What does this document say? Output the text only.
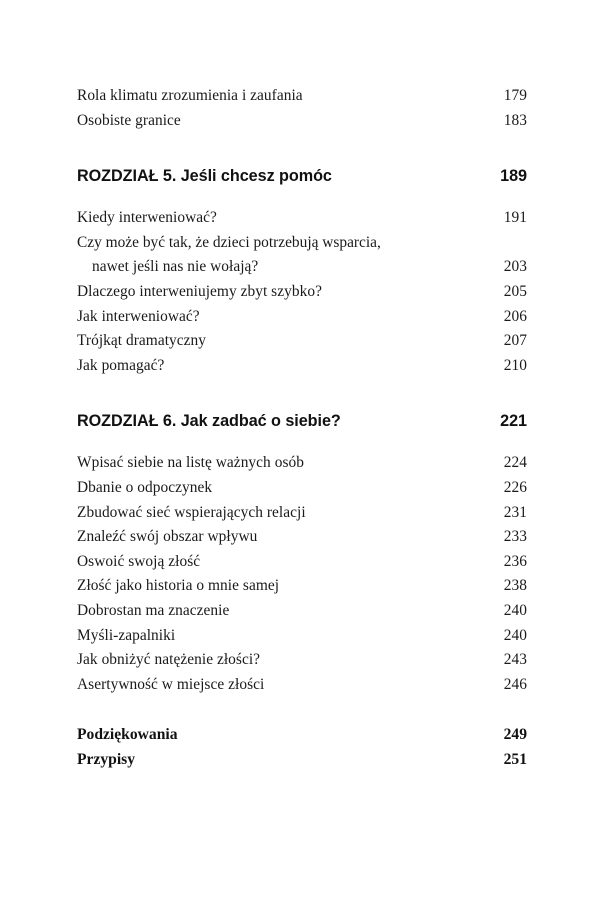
Rola klimatu zrozumienia i zaufania	179
Osobiste granice	183
ROZDZIAŁ 5. Jeśli chcesz pomóc	189
Kiedy interweniować?	191
Czy może być tak, że dzieci potrzebują wsparcia,
nawet jeśli nas nie wołają?	203
Dlaczego interweniujemy zbyt szybko?	205
Jak interweniować?	206
Trójkąt dramatyczny	207
Jak pomagać?	210
ROZDZIAŁ 6. Jak zadbać o siebie?	221
Wpisać siebie na listę ważnych osób	224
Dbanie o odpoczynek	226
Zbudować sieć wspierających relacji	231
Znaleźć swój obszar wpływu	233
Oswoić swoją złość	236
Złość jako historia o mnie samej	238
Dobrostan ma znaczenie	240
Myśli-zapalniki	240
Jak obniżyć natężenie złości?	243
Asertywność w miejsce złości	246
Podziękowania	249
Przypisy	251
